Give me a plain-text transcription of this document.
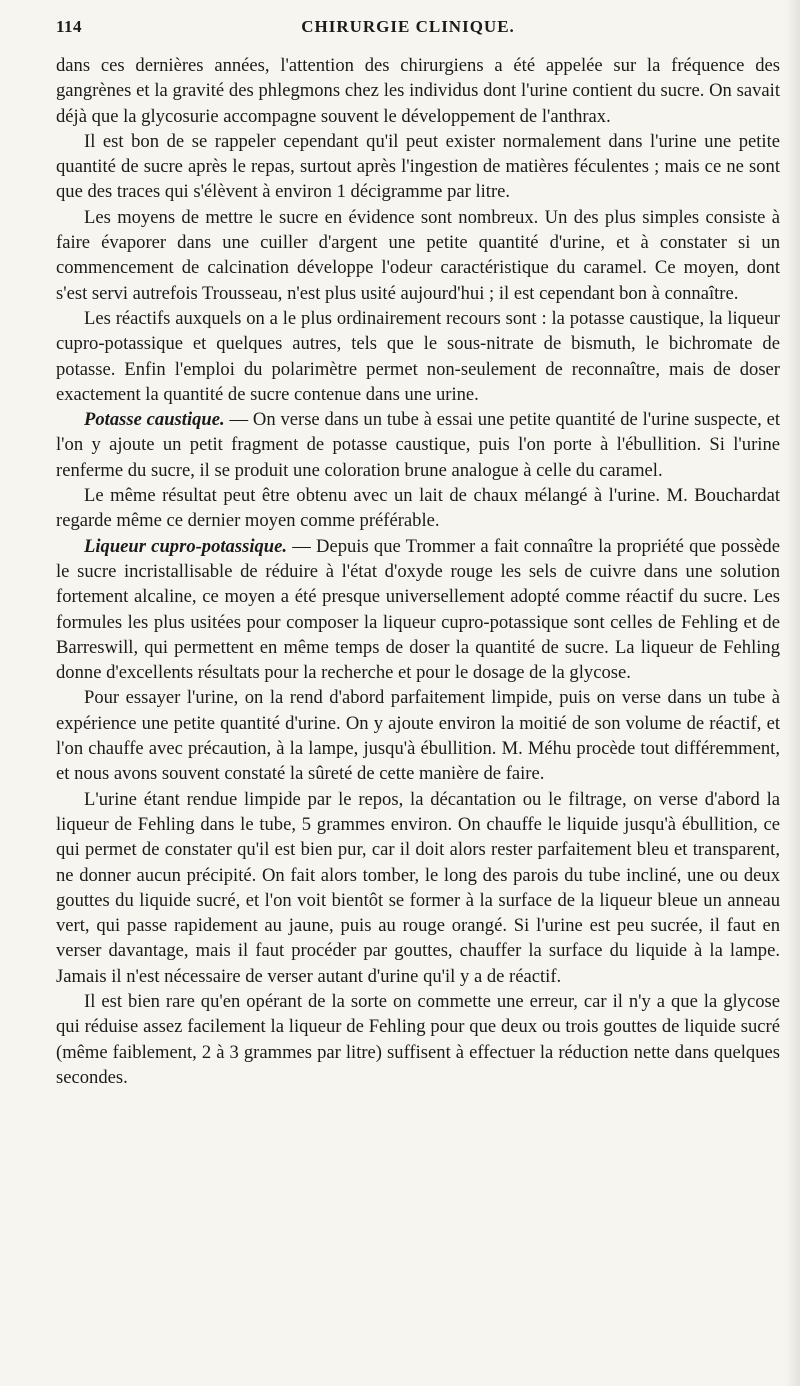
114	CHIRURGIE CLINIQUE.

dans ces dernières années, l'attention des chirurgiens a été appelée sur la fréquence des gangrènes et la gravité des phlegmons chez les individus dont l'urine contient du sucre. On savait déjà que la glycosurie accompagne souvent le développement de l'anthrax.

Il est bon de se rappeler cependant qu'il peut exister normalement dans l'urine une petite quantité de sucre après le repas, surtout après l'ingestion de matières féculentes ; mais ce ne sont que des traces qui s'élèvent à environ 1 décigramme par litre.

Les moyens de mettre le sucre en évidence sont nombreux. Un des plus simples consiste à faire évaporer dans une cuiller d'argent une petite quantité d'urine, et à constater si un commencement de calcination développe l'odeur caractéristique du caramel. Ce moyen, dont s'est servi autrefois Trousseau, n'est plus usité aujourd'hui ; il est cependant bon à connaître.

Les réactifs auxquels on a le plus ordinairement recours sont : la potasse caustique, la liqueur cupro-potassique et quelques autres, tels que le sous-nitrate de bismuth, le bichromate de potasse. Enfin l'emploi du polarimètre permet non-seulement de reconnaître, mais de doser exactement la quantité de sucre contenue dans une urine.

Potasse caustique. — On verse dans un tube à essai une petite quantité de l'urine suspecte, et l'on y ajoute un petit fragment de potasse caustique, puis l'on porte à l'ébullition. Si l'urine renferme du sucre, il se produit une coloration brune analogue à celle du caramel.

Le même résultat peut être obtenu avec un lait de chaux mélangé à l'urine. M. Bouchardat regarde même ce dernier moyen comme préférable.

Liqueur cupro-potassique. — Depuis que Trommer a fait connaître la propriété que possède le sucre incristallisable de réduire à l'état d'oxyde rouge les sels de cuivre dans une solution fortement alcaline, ce moyen a été presque universellement adopté comme réactif du sucre. Les formules les plus usitées pour composer la liqueur cupro-potassique sont celles de Fehling et de Barreswill, qui permettent en même temps de doser la quantité de sucre. La liqueur de Fehling donne d'excellents résultats pour la recherche et pour le dosage de la glycose.

Pour essayer l'urine, on la rend d'abord parfaitement limpide, puis on verse dans un tube à expérience une petite quantité d'urine. On y ajoute environ la moitié de son volume de réactif, et l'on chauffe avec précaution, à la lampe, jusqu'à ébullition. M. Méhu procède tout différemment, et nous avons souvent constaté la sûreté de cette manière de faire.

L'urine étant rendue limpide par le repos, la décantation ou le filtrage, on verse d'abord la liqueur de Fehling dans le tube, 5 grammes environ. On chauffe le liquide jusqu'à ébullition, ce qui permet de constater qu'il est bien pur, car il doit alors rester parfaitement bleu et transparent, ne donner aucun précipité. On fait alors tomber, le long des parois du tube incliné, une ou deux gouttes du liquide sucré, et l'on voit bientôt se former à la surface de la liqueur bleue un anneau vert, qui passe rapidement au jaune, puis au rouge orangé. Si l'urine est peu sucrée, il faut en verser davantage, mais il faut procéder par gouttes, chauffer la surface du liquide à la lampe. Jamais il n'est nécessaire de verser autant d'urine qu'il y a de réactif.

Il est bien rare qu'en opérant de la sorte on commette une erreur, car il n'y a que la glycose qui réduise assez facilement la liqueur de Fehling pour que deux ou trois gouttes de liquide sucré (même faiblement, 2 à 3 grammes par litre) suffisent à effectuer la réduction nette dans quelques secondes.
